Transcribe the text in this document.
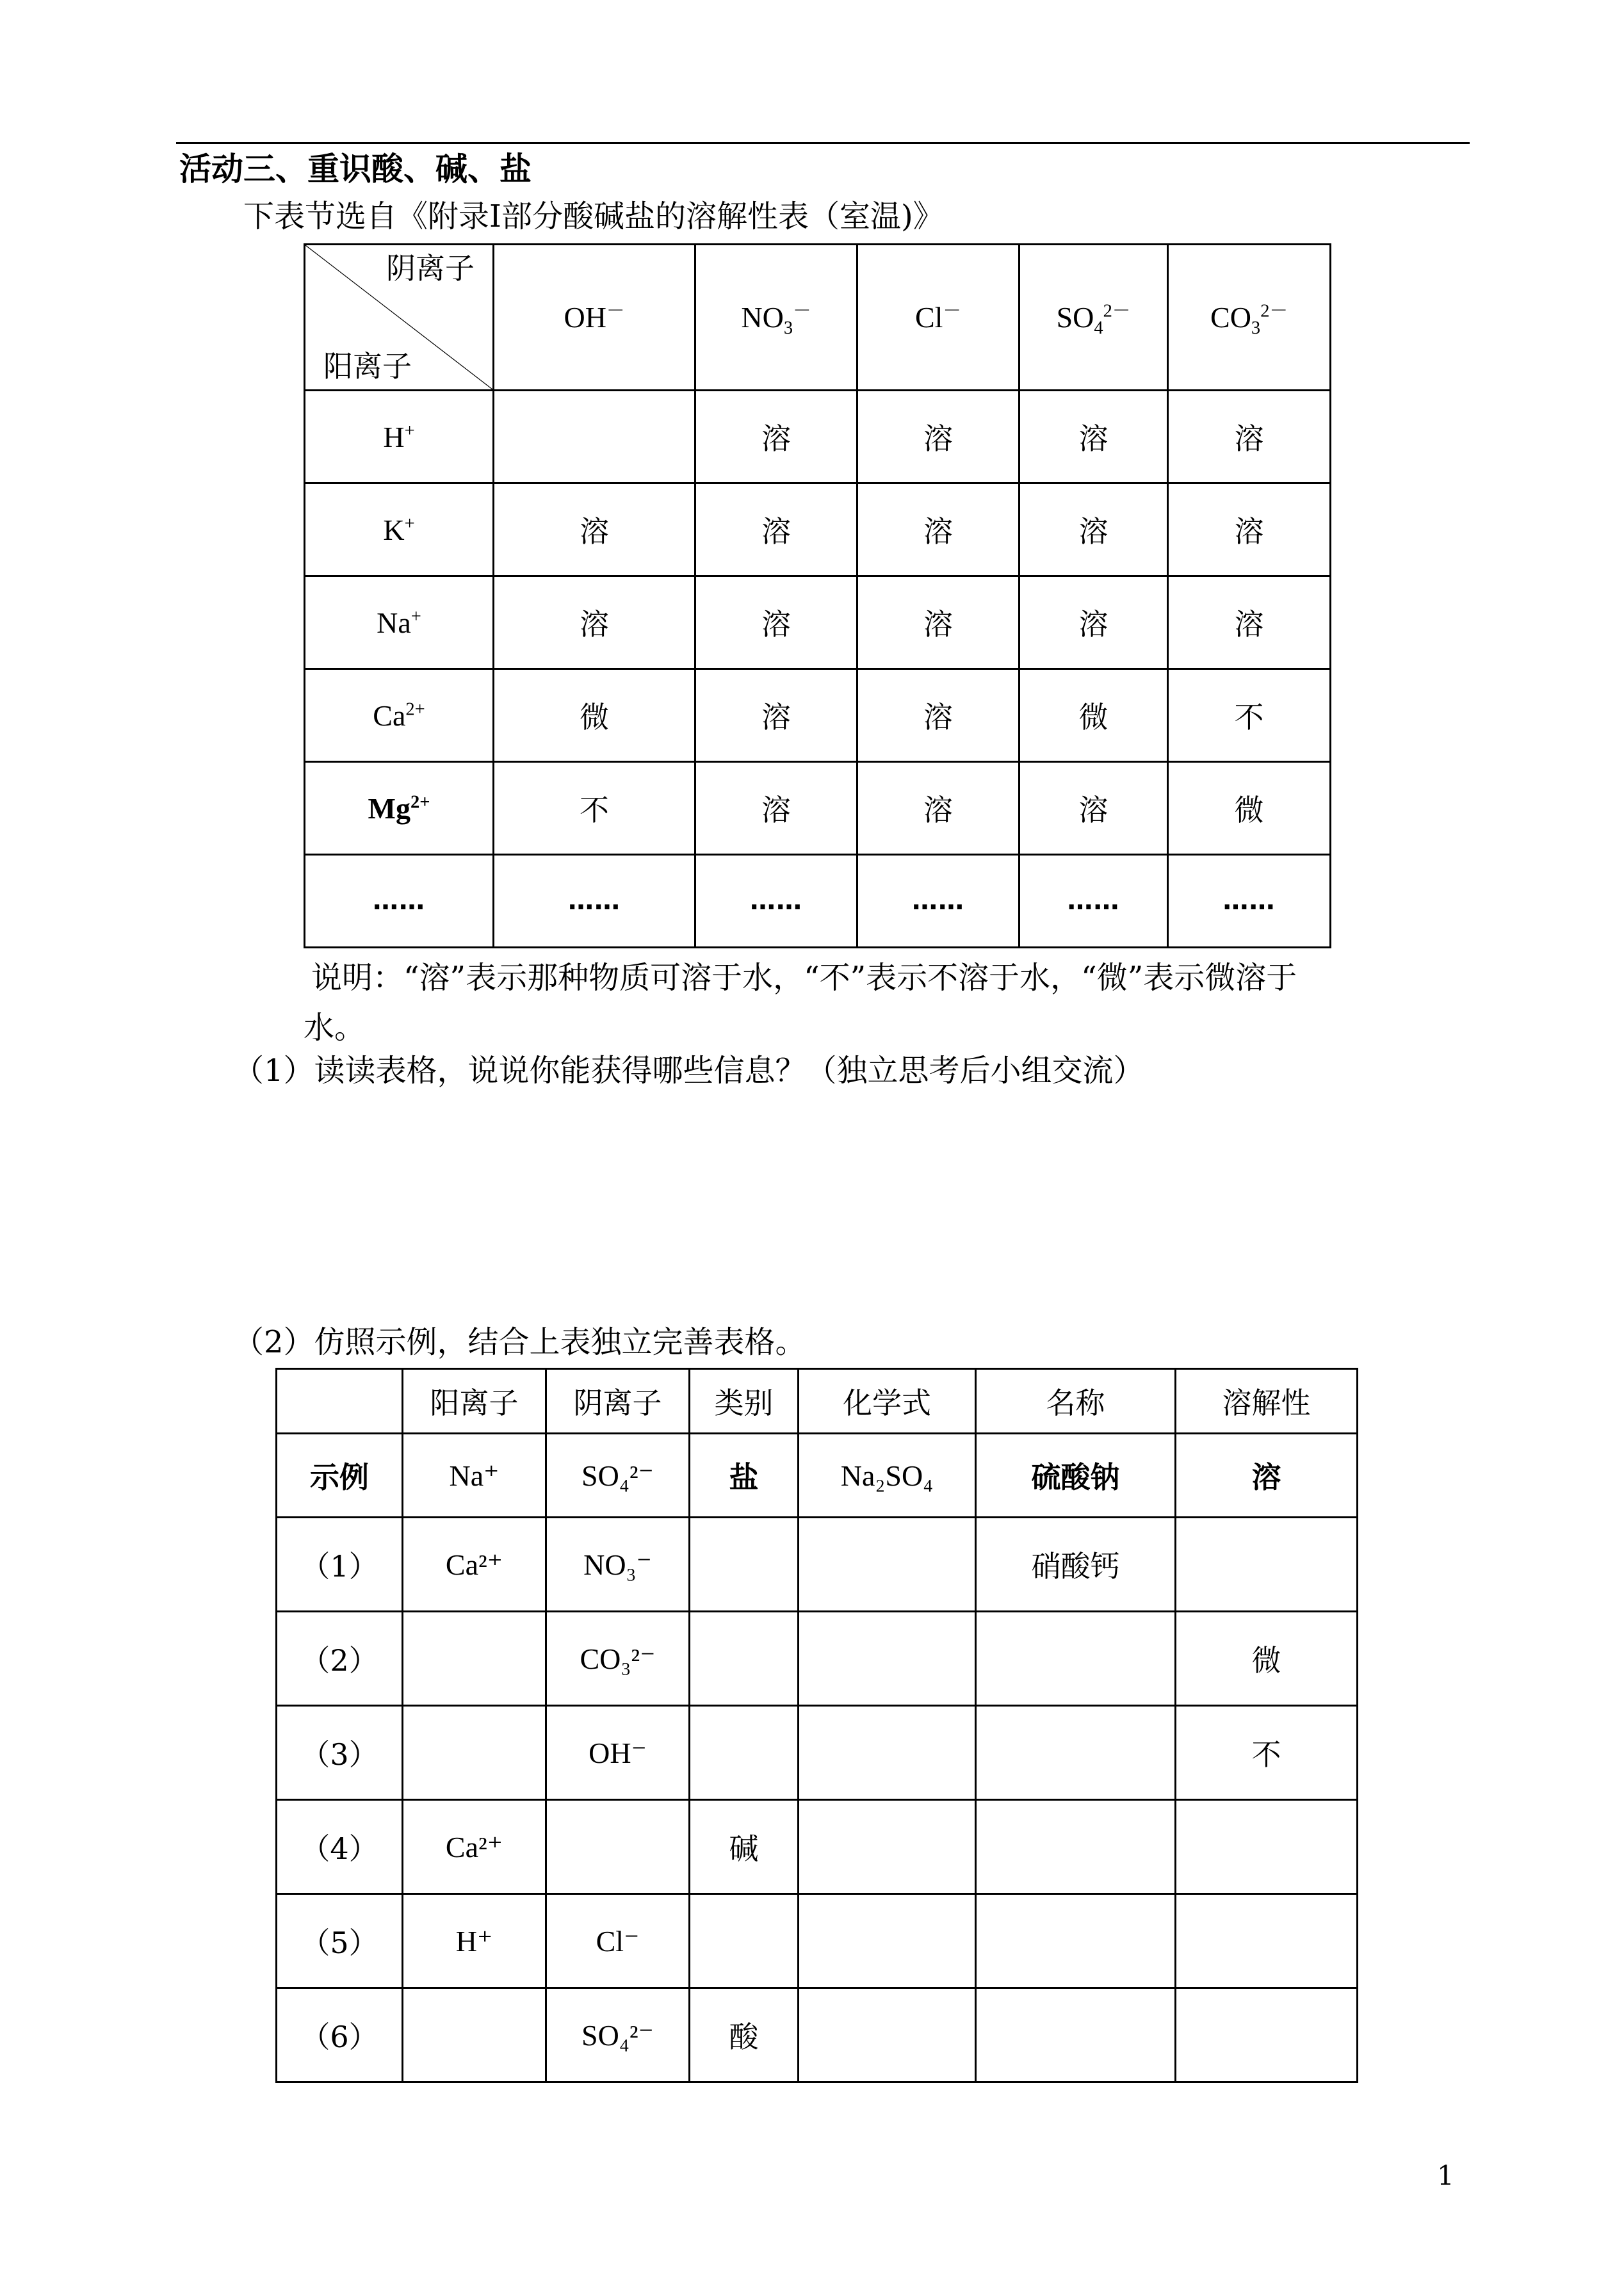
活动三、重识酸、碱、盐
下表节选自《附录Ⅰ部分酸碱盐的溶解性表（室温)》
阴离子
阳离子	OH－	$NO_3^-$	Cl－	$SO_4^{2-}$	$CO_3^{2-}$
H+		溶	溶	溶	溶
K+	溶	溶	溶	溶	溶
Na+	溶	溶	溶	溶	溶
$Ca^{2+}$	微	溶	溶	微	不
$Mg^{2+}$	不	溶	溶	溶	微
……	……	……	……	……	……
说明：“溶”表示那种物质可溶于水，“不”表示不溶于水，“微”表示微溶于
水。
（1）读读表格，说说你能获得哪些信息？（独立思考后小组交流）
（2）仿照示例，结合上表独立完善表格。
	阳离子	阴离子	类别	化学式	名称	溶解性
示例	Na⁺	SO₄²⁻	盐	Na₂SO₄	硫酸钠	溶
（1）	Ca²⁺	NO₃⁻			硝酸钙	
（2）		CO₃²⁻				微
（3）		OH⁻				不
（4）	Ca²⁺		碱			
（5）	H⁺	Cl⁻				
（6）		SO₄²⁻	酸			
1
